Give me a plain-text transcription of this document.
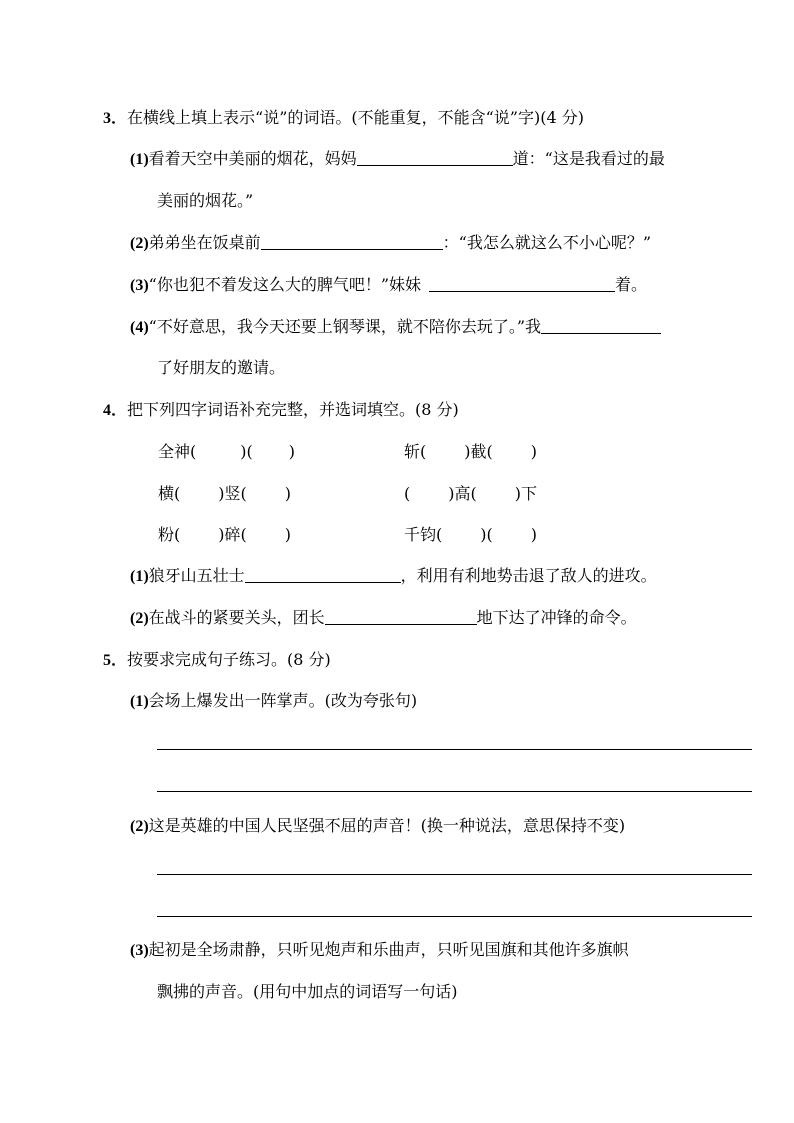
3．在横线上填上表示“说”的词语。(不能重复，不能含“说”字)(4 分)
(1)看着天空中美丽的烟花，妈妈	道：“这是我看过的最
美丽的烟花。”
(2)弟弟坐在饭桌前	：“我怎么就这么不小心呢？”
(3)“你也犯不着发这么大的脾气吧！”妹妹	着。
(4)“不好意思，我今天还要上钢琴课，就不陪你去玩了。”我
了好朋友的邀请。
4．把下列四字词语补充完整，并选词填空。(8 分)
全神(	)( )	斩( )截( )
横( )竖( )	( )高( )下
粉( )碎( )	千钧( )( )
(1)狼牙山五壮士	，利用有利地势击退了敌人的进攻。
(2)在战斗的紧要关头，团长	地下达了冲锋的命令。
5．按要求完成句子练习。(8 分)
(1)会场上爆发出一阵掌声。(改为夸张句)
(2)这是英雄的中国人民坚强不屈的声音！(换一种说法，意思保持不变)
(3)起初是全场肃静，只听见炮声和乐曲声，只听见国旗和其他许多旗帜
飘拂的声音。(用句中加点的词语写一句话)
